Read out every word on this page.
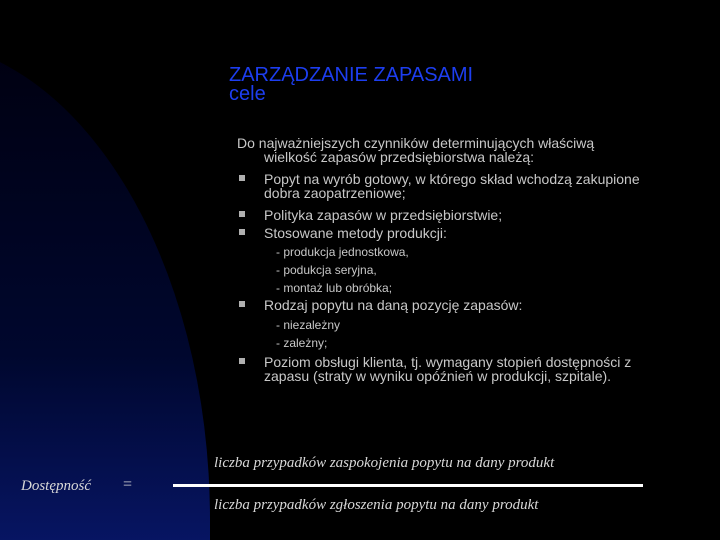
ZARZĄDZANIE ZAPASAMI
cele
Do najważniejszych czynników determinujących właściwą
wielkość zapasów przedsiębiorstwa należą:
Popyt na wyrób gotowy, w którego skład wchodzą zakupione
dobra zaopatrzeniowe;
Polityka zapasów w przedsiębiorstwie;
Stosowane metody produkcji:
- produkcja jednostkowa,
- podukcja seryjna,
- montaż lub obróbka;
Rodzaj popytu na daną pozycję zapasów:
- niezależny
- zależny;
Poziom obsługi klienta, tj. wymagany stopień dostępności z
zapasu (straty w wyniku opóźnień w produkcji, szpitale).
liczba przypadków zaspokojenia popytu na dany produkt
Dostępność =
liczba przypadków zgłoszenia popytu na dany produkt
